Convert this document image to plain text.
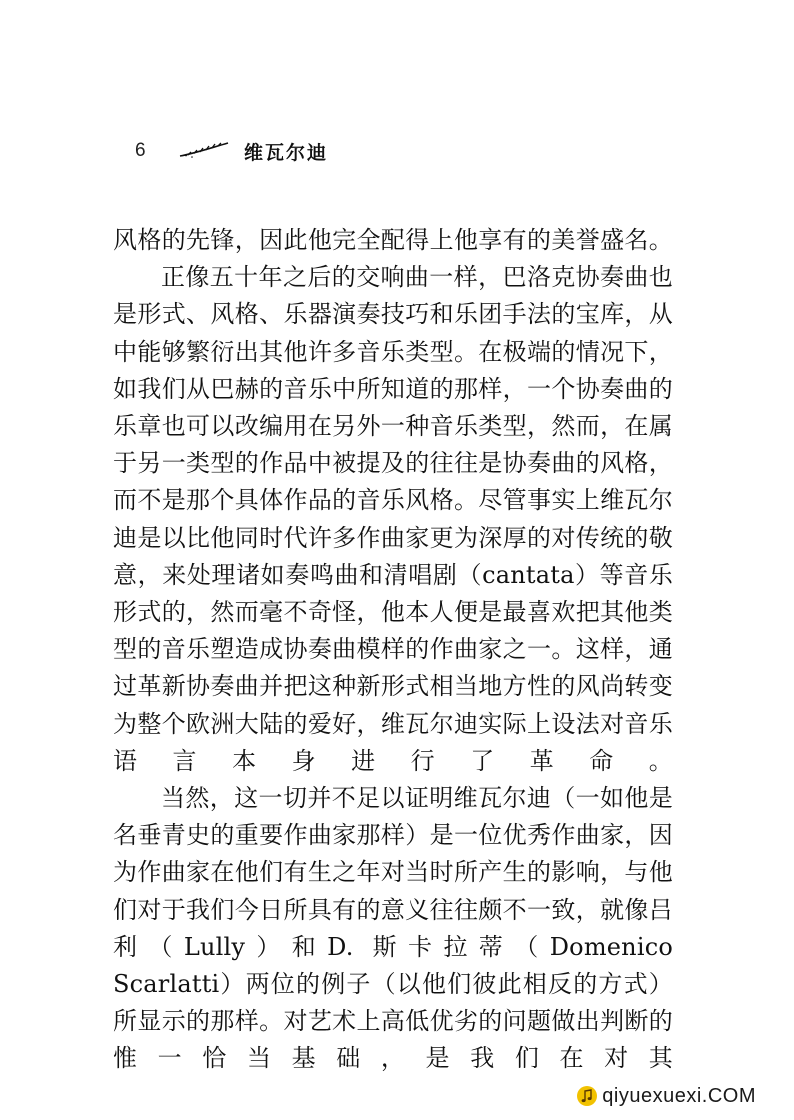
6	维瓦尔迪

风格的先锋，因此他完全配得上他享有的美誉盛名。

正像五十年之后的交响曲一样，巴洛克协奏曲也是形式、风格、乐器演奏技巧和乐团手法的宝库，从中能够繁衍出其他许多音乐类型。在极端的情况下，如我们从巴赫的音乐中所知道的那样，一个协奏曲的乐章也可以改编用在另外一种音乐类型，然而，在属于另一类型的作品中被提及的往往是协奏曲的风格，而不是那个具体作品的音乐风格。尽管事实上维瓦尔迪是以比他同时代许多作曲家更为深厚的对传统的敬意，来处理诸如奏鸣曲和清唱剧（cantata）等音乐形式的，然而毫不奇怪，他本人便是最喜欢把其他类型的音乐塑造成协奏曲模样的作曲家之一。这样，通过革新协奏曲并把这种新形式相当地方性的风尚转变为整个欧洲大陆的爱好，维瓦尔迪实际上设法对音乐语言本身进行了革命。

当然，这一切并不足以证明维瓦尔迪（一如他是名垂青史的重要作曲家那样）是一位优秀作曲家，因为作曲家在他们有生之年对当时所产生的影响，与他们对于我们今日所具有的意义往往颇不一致，就像吕利（Lully）和D. 斯卡拉蒂（Domenico Scarlatti）两位的例子（以他们彼此相反的方式）所显示的那样。对艺术上高低优劣的问题做出判断的惟一恰当基础，是我们在对其

qiyuexuexi.COM
